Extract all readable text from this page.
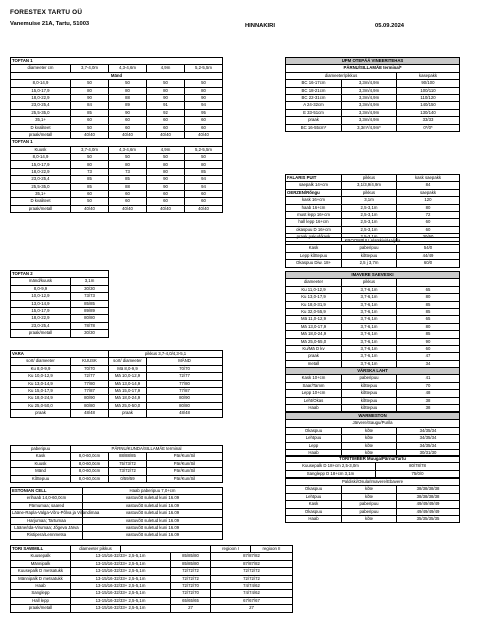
FORESTEX TARTU OÜ
Vanemuise 21A, Tartu, 51003	HINNAKIRI	05.09.2024
TOFTAN 1				
diameeter cm	3,7-4,0m	4,3-4,6m	4,9m	5,2-5,5m
Mänd				
8,0-14,9	50	50	50	50
15,0-17,9	80	80	80	80
18,0-22,9	90	88	90	90
23,0-25,4	84	89	91	94
25,5-35,0	85	90	92	95
35,1+	60	60	60	60
D kvaliteet	50	60	60	60
praak/metall	40/40	40/40	40/40	40/40
TOFTAN 1				
Kuusk	3,7-4,0m	4,3-4,6m	4,9m	5,2-5,5m
8,0-14,9	50	50	50	50
15,0-17,9	80	80	80	80
18,0-22,9	73	73	80	85
23,0-25,4	85	85	90	94
25,5-35,0	85	88	90	94
35,1+	60	60	60	60
D kvaliteet	50	60	60	60
praak/metall	40/40	40/40	40/40	40/40
TOFTAN 2	
mänd/kuusk	3,1m
8,0-9,9	30/30
10,0-12,9	73/73
13,0-14,9	85/85
15,0-17,9	89/89
18,0-22,9	80/80
23,0-25,4	78/78
praak/metall	30/30
VARA		pikkus 3,7-4,0/4,3-5,1	
sort/ diameeter	KUUSK	sort/ diameeter	MÄND
Ku 8,0-9,9	70/70	Mä 8,0-9,9	70/70
Ku 10,0-12,9	72/77	Mä 10,0-12,9	72/77
Ku 13,0-14,9	77/80	Mä 13,0-14,9	77/80
Ku 15,0-17,9	77/87	Mä 15,0-17,9	77/87
Ku 18,0-24,9	80/90	Mä 18,0-24,9	80/90
Ku 25,0-50,0	80/80	Mä 25,0-50,0	80/80
praak	48/48	praak	48/48
paberipuu	PÄRNU/KUNDA/SILLAMÄE terminal		
Kask	8,0-60,0cm	88/88/85	Pär/Kun/Sil
Kuusk	8,0-60,0cm	75/73/72	Pär/Kun/Sil
Mänd	8,0-60,0cm	73/72/72	Pär/Kun/Sil
Kõttepuu	8,0-60,0cm	0/59/59	Pär/Kun/Sil
ESTONIAN CELL	Haab paberipuu 7,0+cm
erihaab 14,0-60,0cm	vastuvõtt suletud kuni 16.09
Pärnumaa; saared	vastuvõtt suletud kuni 16.09
Lääne-Rapla-Valga-Võru-Põlva ja Viljandimaa	vastuvõtt suletud kuni 16.09
Harjumaa; Tartumaa	vastuvõtt suletud kuni 16.09
Lääne/Ida-Virumaa; Jõgeva Järva	vastuvõtt suletud kuni 16.09
Ristipera/Lennmetsa	vastuvõtt suletud kuni 16.09
TORI SAWMILL	diameeter pikkus			regioon I	regioon II
Kuusepalk	13-15/16-32/33+ 2,5-5,1m		85/85/80	87/87/82	
Männipalk	13-15/16-32/33+ 2,5-5,1m		85/85/80	87/87/82	
Kuusepalk D metsatukk	13-15/16-32/33+ 2,5-5,1m		72/72/72	72/72/72	
Männipalk D metsatukk	13-15/16-32/33+ 2,5-5,1m		72/72/72	72/72/72	
Haab	13-15/16-32/33+ 2,5-5,1m		72/72/70	74/74/62	
Sanglepp	13-15/16-32/33+ 2,5-5,1m		72/72/70	74/74/62	
Hall lepp	13-15/16-32/33+ 2,5-5,1m		65/65/65	67/67/67	
praak/metall	13-15/16-32/33+ 2,5-5,1m		27	27	
UPM OTEPÄÄ VINEERITEHAS		
PÄRNU/SILLAMÄE terminal*		
diameeter/pikkus		kasepakk
BC 16-17cm	3,3m/4,9m	90/100
BC 18-21cm	3,3m/4,9m	100/110
BC 22-31cm	3,3m/4,9m	110/120
A 24-32cm	3,3m/4,9m	140/150
E 33-51cm	3,3m/4,9m	130/140
praak	3,3m/4,9m	33/33
BC 16-55cm*	3,3m*/4,9m*	0*/0*
FALARIS PUIT	pikkus	kask saepakk
saepalk 14+cm	3,1/3,9/4,9m	84
OERZEN/Rõngu	pikkus	saepakk
kask 16+cm	3,1m	120
haab 16+cm	2,5-3,1m	80
must lepp 16+cm	2,5-3,1m	72
hall lepp 16+cm	2,5-3,1m	60
okaspuu D 16+cm	2,5-3,1m	60
praak pakud/kask	2,5-3,1m	30/60
KROONPUU Alatskivi/Haljala		
Kask	paberipuu	54/0
Lepp kõttepuu	kõttepuu	44/49
Okaspuu Diw. 18+	2,5 j 3,7m	60/0
IMAVERE SAEVESKI		
diameeter	pikkus	
Ku 11,0-12,9	3,7-6,1m	65
Ku 13,0-17,9	3,7-6,1m	80
Ku 18,0-31,9	3,7-6,1m	85
Ku 32,0-55,9	3,7-6,1m	85
Mä 11,0-12,9	3,7-6,1m	65
Mä 13,0-17,9	3,7-6,1m	80
Mä 18,0-24,9	3,7-6,1m	85
Mä 25,0-55,0	3,7-6,1m	90
Ku/Mä D kv	3,7-6,1m	60
praak	3,7-6,1m	47
metall	3,7-6,1m	34
VÄRSKA LAHT		
Kask 10+cm	paberipuu	41
Saar/Tamm	kõttepuu	70
Lepp 10+cm	kõttepuu	48
Leht/Okas	kõttepuu	38
Haab	kõttepuu	38
WARMESTON		
Järvere/Saugu/Purila		
Okaspuu	kõte	34/35/34
Lehtpuu	kõte	34/35/34
Lepp	kõte	34/35/34
Haab	kõte	30/31/30
TORITIMBER Muuga/Pärnu/Tartu	
Kuusepalk D 18+cm 2,5-3,0m	80/78/78
Sanglepp D 18+cm 3,1m	75/0/0
Paldiski/Osula/Imavere/Ebavere		
Okaspuu	kõte	38/38/38/38
Lehtpuu	kõte	38/38/38/38
Kask	paberipuu	49/49/49/49
Okaspuu	paberipuu	49/49/49/49
Haab	kõte	35/35/35/35
